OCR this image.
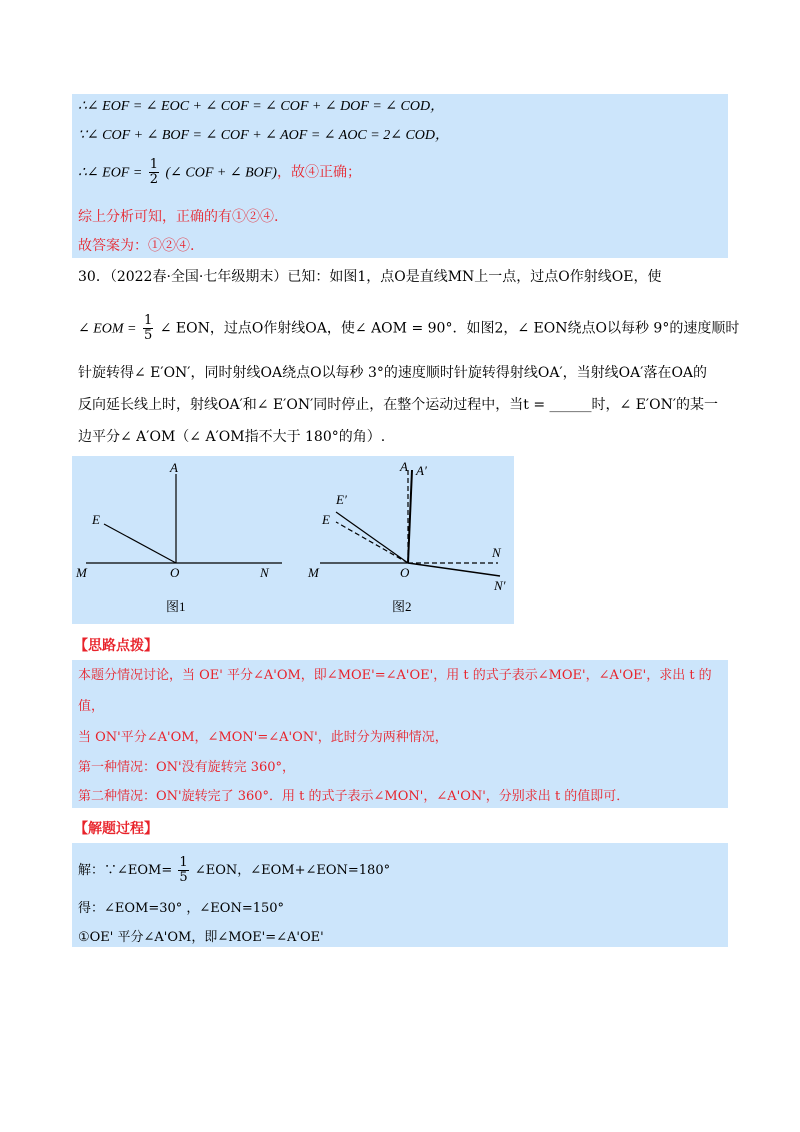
∴∠ EOF = ∠ EOC + ∠ COF = ∠ COF + ∠ DOF = ∠ COD，
∵∠ COF + ∠ BOF = ∠ COF + ∠ AOF = ∠ AOC = 2∠ COD，
∴∠ EOF = $\frac{1}{2}$ (∠ COF + ∠ BOF)，故④正确；
综上分析可知，正确的有①②④.
故答案为：①②④.
30．（2022春·全国·七年级期末）已知：如图1，点O是直线MN上一点，过点O作射线OE，使
∠ EOM = $\frac{1}{5}$ ∠ EON，过点O作射线OA，使∠ AOM = 90°．如图2，∠ EON绕点O以每秒 9°的速度顺时
针旋转得∠ E′ON′，同时射线OA绕点O以每秒 3°的速度顺时针旋转得射线OA′，当射线OA′落在OA的
反向延长线上时，射线OA′和∠ E′ON′同时停止，在整个运动过程中，当t = ______时，∠ E′ON′的某一
边平分∠ A′OM（∠ A′OM指不大于 180°的角）.
A
E
M	O	N
图1
A A′
E′
E
M	O
N
N′
图2
【思路点拨】
本题分情况讨论，当 OE' 平分∠A'OM，即∠MOE'=∠A'OE'，用 t 的式子表示∠MOE'，∠A'OE'，求出 t 的
值，
当 ON'平分∠A'OM，∠MON'=∠A'ON'，此时分为两种情况，
第一种情况：ON'没有旋转完 360°，
第二种情况：ON'旋转完了 360°．用 t 的式子表示∠MON'，∠A'ON'，分别求出 t 的值即可．
【解题过程】
解：∵∠EOM= $\frac{1}{5}$ ∠EON，∠EOM+∠EON=180°
得：∠EOM=30° ，∠EON=150°
①OE' 平分∠A'OM，即∠MOE'=∠A'OE'
